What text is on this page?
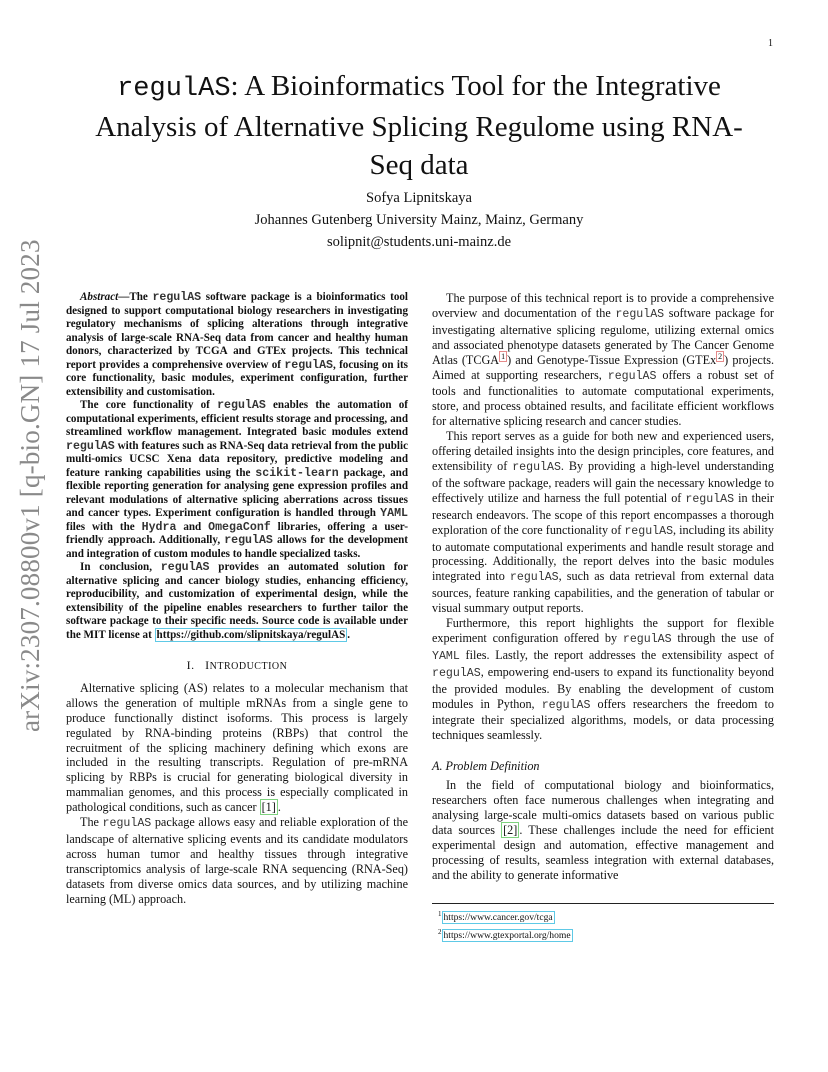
1
arXiv:2307.08800v1 [q-bio.GN] 17 Jul 2023
regulAS: A Bioinformatics Tool for the Integrative Analysis of Alternative Splicing Regulome using RNA-Seq data
Sofya Lipnitskaya
Johannes Gutenberg University Mainz, Mainz, Germany
solipnit@students.uni-mainz.de

Abstract—The regulAS software package is a bioinformatics tool designed to support computational biology researchers in investigating regulatory mechanisms of splicing alterations through integrative analysis of large-scale RNA-Seq data from cancer and healthy human donors, characterized by TCGA and GTEx projects. This technical report provides a comprehensive overview of regulAS, focusing on its core functionality, basic modules, experiment configuration, further extensibility and customisation.

The core functionality of regulAS enables the automation of computational experiments, efficient results storage and processing, and streamlined workflow management. Integrated basic modules extend regulAS with features such as RNA-Seq data retrieval from the public multi-omics UCSC Xena data repository, predictive modeling and feature ranking capabilities using the scikit-learn package, and flexible reporting generation for analysing gene expression profiles and relevant modulations of alternative splicing aberrations across tissues and cancer types. Experiment configuration is handled through YAML files with the Hydra and OmegaConf libraries, offering a user-friendly approach. Additionally, regulAS allows for the development and integration of custom modules to handle specialized tasks.

In conclusion, regulAS provides an automated solution for alternative splicing and cancer biology studies, enhancing efficiency, reproducibility, and customization of experimental design, while the extensibility of the pipeline enables researchers to further tailor the software package to their specific needs. Source code is available under the MIT license at https://github.com/slipnitskaya/regulAS .

I. INTRODUCTION

Alternative splicing (AS) relates to a molecular mechanism that allows the generation of multiple mRNAs from a single gene to produce functionally distinct isoforms. This process is largely regulated by RNA-binding proteins (RBPs) that control the recruitment of the splicing machinery defining which exons are included in the resulting transcripts. Regulation of pre-mRNA splicing by RBPs is crucial for generating biological diversity in mammalian genomes, and this process is especially complicated in pathological conditions, such as cancer [1] .

The regulAS package allows easy and reliable exploration of the landscape of alternative splicing events and its candidate modulators across human tumor and healthy tissues through integrative transcriptomics analysis of large-scale RNA sequencing (RNA-Seq) datasets from diverse omics data sources, and by utilizing machine learning (ML) approach.

The purpose of this technical report is to provide a comprehensive overview and documentation of the regulAS software package for investigating alternative splicing regulome, utilizing external omics and associated phenotype datasets generated by The Cancer Genome Atlas (TCGA $^1$ ) and Genotype-Tissue Expression (GTEx $^2$ ) projects. Aimed at supporting researchers, regulAS offers a robust set of tools and functionalities to automate computational experiments, store, and process obtained results, and facilitate efficient workflows for alternative splicing research and cancer studies.

This report serves as a guide for both new and experienced users, offering detailed insights into the design principles, core features, and extensibility of regulAS. By providing a high-level understanding of the software package, readers will gain the necessary knowledge to effectively utilize and harness the full potential of regulAS in their research endeavors. The scope of this report encompasses a thorough exploration of the core functionality of regulAS, including its ability to automate computational experiments and handle result storage and processing. Additionally, the report delves into the basic modules integrated into regulAS, such as data retrieval from external data sources, feature ranking capabilities, and the generation of tabular or visual summary output reports.

Furthermore, this report highlights the support for flexible experiment configuration offered by regulAS through the use of YAML files. Lastly, the report addresses the extensibility aspect of regulAS, empowering end-users to expand its functionality beyond the provided modules. By enabling the development of custom modules in Python, regulAS offers researchers the freedom to integrate their specialized algorithms, models, or data processing techniques seamlessly.

A. Problem Definition

In the field of computational biology and bioinformatics, researchers often face numerous challenges when integrating and analysing large-scale multi-omics datasets based on various public data sources [2] . These challenges include the need for efficient experimental design and automation, effective management and processing of results, seamless integration with external databases, and the ability to generate informative

$^1$ https://www.cancer.gov/tcga
$^2$ https://www.gtexportal.org/home
